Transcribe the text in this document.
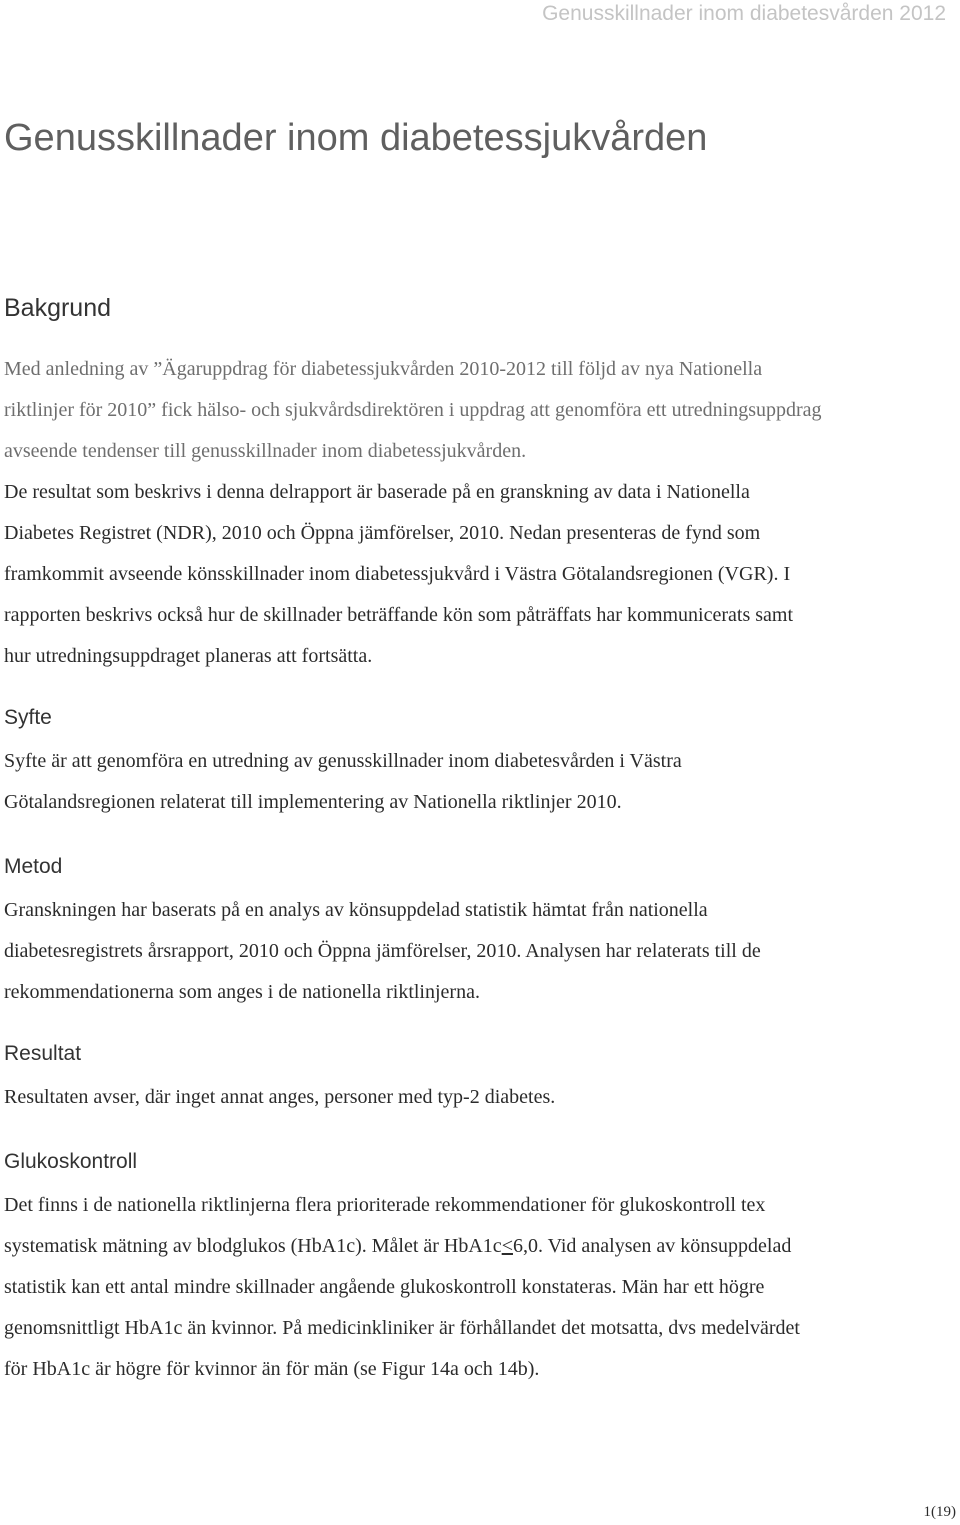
Genusskillnader inom diabetesvården 2012
Genusskillnader inom diabetessjukvården
Bakgrund
Med anledning av ”Ägaruppdrag för diabetessjukvården 2010-2012 till följd av nya Nationella
riktlinjer för 2010” fick hälso- och sjukvårdsdirektören i uppdrag att genomföra ett utredningsuppdrag
avseende tendenser till genusskillnader inom diabetessjukvården.
De resultat som beskrivs i denna delrapport är baserade på en granskning av data i Nationella
Diabetes Registret (NDR), 2010 och Öppna jämförelser, 2010. Nedan presenteras de fynd som
framkommit avseende könsskillnader inom diabetessjukvård i Västra Götalandsregionen (VGR). I
rapporten beskrivs också hur de skillnader beträffande kön som påträffats har kommunicerats samt
hur utredningsuppdraget planeras att fortsätta.
Syfte
Syfte är att genomföra en utredning av genusskillnader inom diabetesvården i Västra
Götalandsregionen relaterat till implementering av Nationella riktlinjer 2010.
Metod
Granskningen har baserats på en analys av könsuppdelad statistik hämtat från nationella
diabetesregistrets årsrapport, 2010 och Öppna jämförelser, 2010. Analysen har relaterats till de
rekommendationerna som anges i de nationella riktlinjerna.
Resultat
Resultaten avser, där inget annat anges, personer med typ-2 diabetes.
Glukoskontroll
Det finns i de nationella riktlinjerna flera prioriterade rekommendationer för glukoskontroll tex
systematisk mätning av blodglukos (HbA1c). Målet är HbA1c≤6,0. Vid analysen av könsuppdelad
statistik kan ett antal mindre skillnader angående glukoskontroll konstateras. Män har ett högre
genomsnittligt HbA1c än kvinnor. På medicinkliniker är förhållandet det motsatta, dvs medelvärdet
för HbA1c är högre för kvinnor än för män (se Figur 14a och 14b).
1(19)
